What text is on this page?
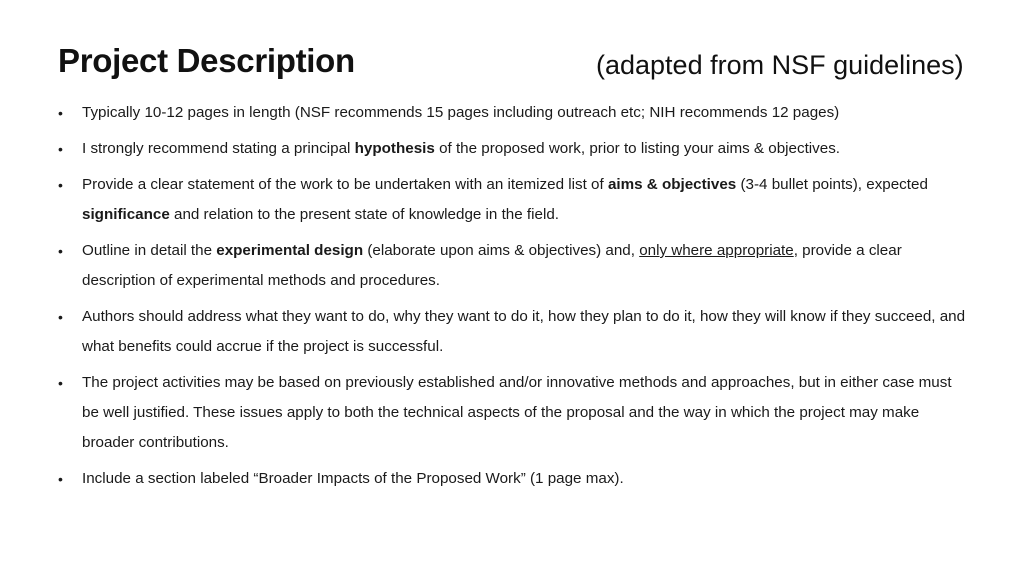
Project Description	(adapted from NSF guidelines)
•	Typically 10-12 pages in length (NSF recommends 15 pages including outreach etc; NIH recommends 12 pages)
•	I strongly recommend stating a principal hypothesis of the proposed work, prior to listing your aims & objectives.
•	Provide a clear statement of the work to be undertaken with an itemized list of aims & objectives (3-4 bullet points), expected significance and relation to the present state of knowledge in the field.
•	Outline in detail the experimental design (elaborate upon aims & objectives) and, only where appropriate, provide a clear description of experimental methods and procedures.
•	Authors should address what they want to do, why they want to do it, how they plan to do it, how they will know if they succeed, and what benefits could accrue if the project is successful.
•	The project activities may be based on previously established and/or innovative methods and approaches, but in either case must be well justified. These issues apply to both the technical aspects of the proposal and the way in which the project may make broader contributions.
•	Include a section labeled “Broader Impacts of the Proposed Work” (1 page max).
